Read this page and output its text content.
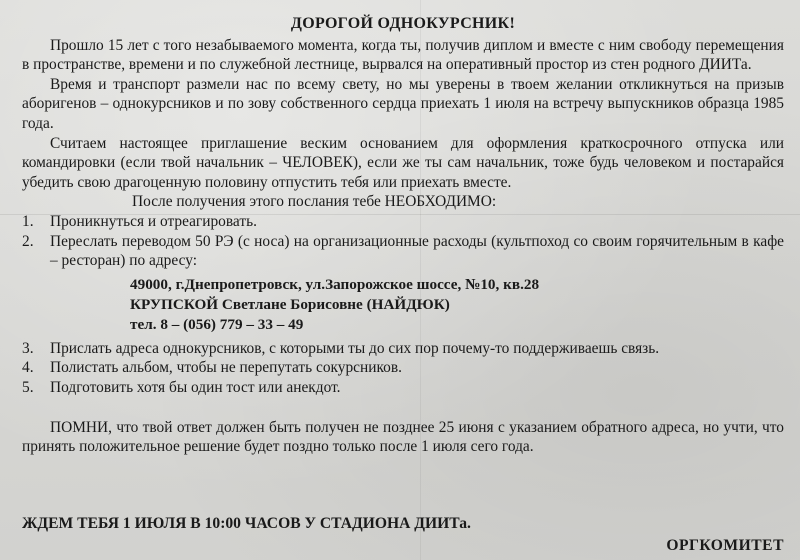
ДОРОГОЙ ОДНОКУРСНИК!

Прошло 15 лет с того незабываемого момента, когда ты, получив диплом и вместе с ним свободу перемещения в пространстве, времени и по служебной лестнице, вырвался на оперативный простор из стен родного ДИИТа.

Время и транспорт размели нас по всему свету, но мы уверены в твоем желании откликнуться на призыв аборигенов – однокурсников и по зову собственного сердца приехать 1 июля на встречу выпускников образца 1985 года.

Считаем настоящее приглашение веским основанием для оформления краткосрочного отпуска или командировки (если твой начальник – ЧЕЛОВЕК), если же ты сам начальник, тоже будь человеком и постарайся убедить свою драгоценную половину отпустить тебя или приехать вместе.

После получения этого послания тебе НЕОБХОДИМО:

1. Проникнуться и отреагировать.
2. Переслать переводом 50 РЭ (с носа) на организационные расходы (культпоход со своим горячительным в кафе – ресторан) по адресу:
49000, г.Днепропетровск, ул.Запорожское шоссе, №10, кв.28
КРУПСКОЙ Светлане Борисовне (НАЙДЮК)
тел. 8 – (056) 779 – 33 – 49
3. Прислать адреса однокурсников, с которыми ты до сих пор почему-то поддерживаешь связь.
4. Полистать альбом, чтобы не перепутать сокурсников.
5. Подготовить хотя бы один тост или анекдот.

ПОМНИ, что твой ответ должен быть получен не позднее 25 июня с указанием обратного адреса, но учти, что принять положительное решение будет поздно только после 1 июля сего года.

ЖДЕМ ТЕБЯ 1 ИЮЛЯ В 10:00 ЧАСОВ У СТАДИОНА ДИИТа.
ОРГКОМИТЕТ
